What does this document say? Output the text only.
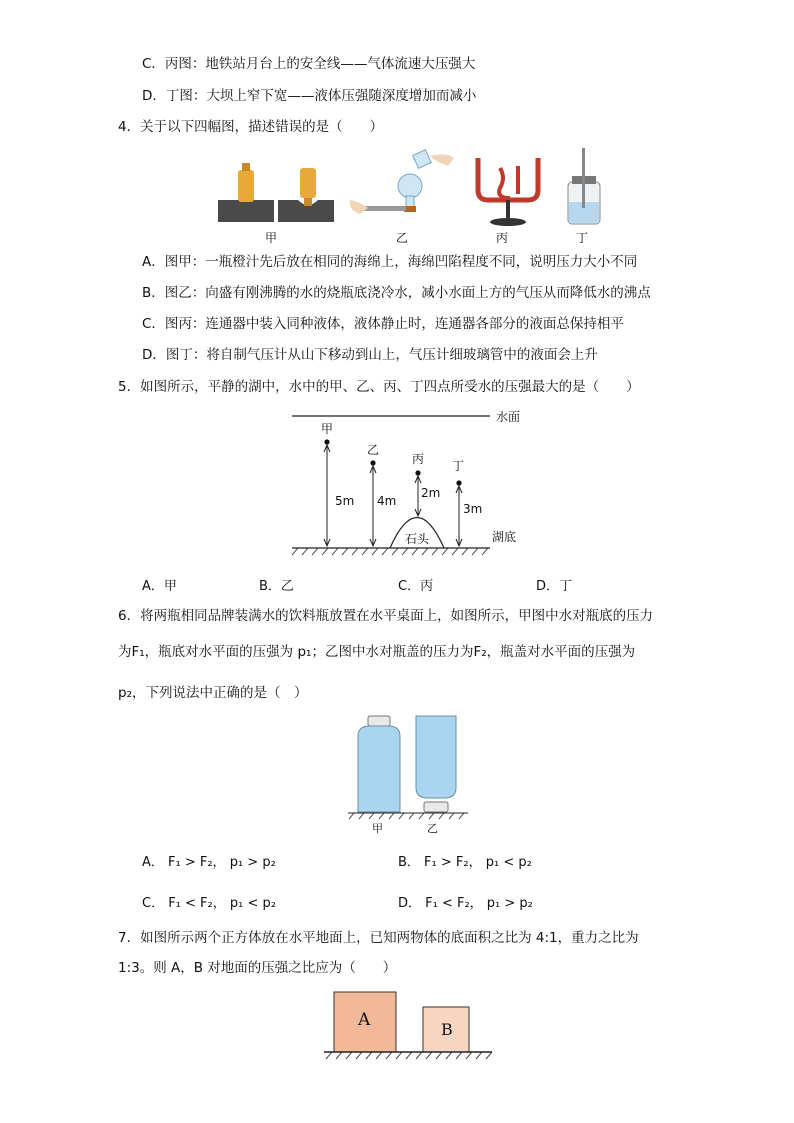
C．丙图：地铁站月台上的安全线——气体流速大压强大
D．丁图：大坝上窄下宽——液体压强随深度增加而减小
4．关于以下四幅图，描述错误的是（　　）
甲	乙	丙	丁
A．图甲：一瓶橙汁先后放在相同的海绵上，海绵凹陷程度不同，说明压力大小不同
B．图乙：向盛有刚沸腾的水的烧瓶底浇冷水，减小水面上方的气压从而降低水的沸点
C．图丙：连通器中装入同种液体，液体静止时，连通器各部分的液面总保持相平
D．图丁：将自制气压计从山下移动到山上，气压计细玻璃管中的液面会上升
5．如图所示，平静的湖中，水中的甲、乙、丙、丁四点所受水的压强最大的是（　　）
水面
湖底
石头
甲
乙
丙 丁
5m 4m
2m
3m
A．甲	B．乙	C．丙	D．丁
6．将两瓶相同品牌装满水的饮料瓶放置在水平桌面上，如图所示，甲图中水对瓶底的压力
为F₁，瓶底对水平面的压强为 p₁；乙图中水对瓶盖的压力为F₂，瓶盖对水平面的压强为
p₂，下列说法中正确的是（　）
甲	乙
A． F₁ > F₂， p₁ > p₂	B． F₁ > F₂， p₁ < p₂
C． F₁ < F₂， p₁ < p₂	D． F₁ < F₂， p₁ > p₂
7．如图所示两个正方体放在水平地面上，已知两物体的底面积之比为 4:1，重力之比为
1:3。则 A，B 对地面的压强之比应为（　　）
A	B
